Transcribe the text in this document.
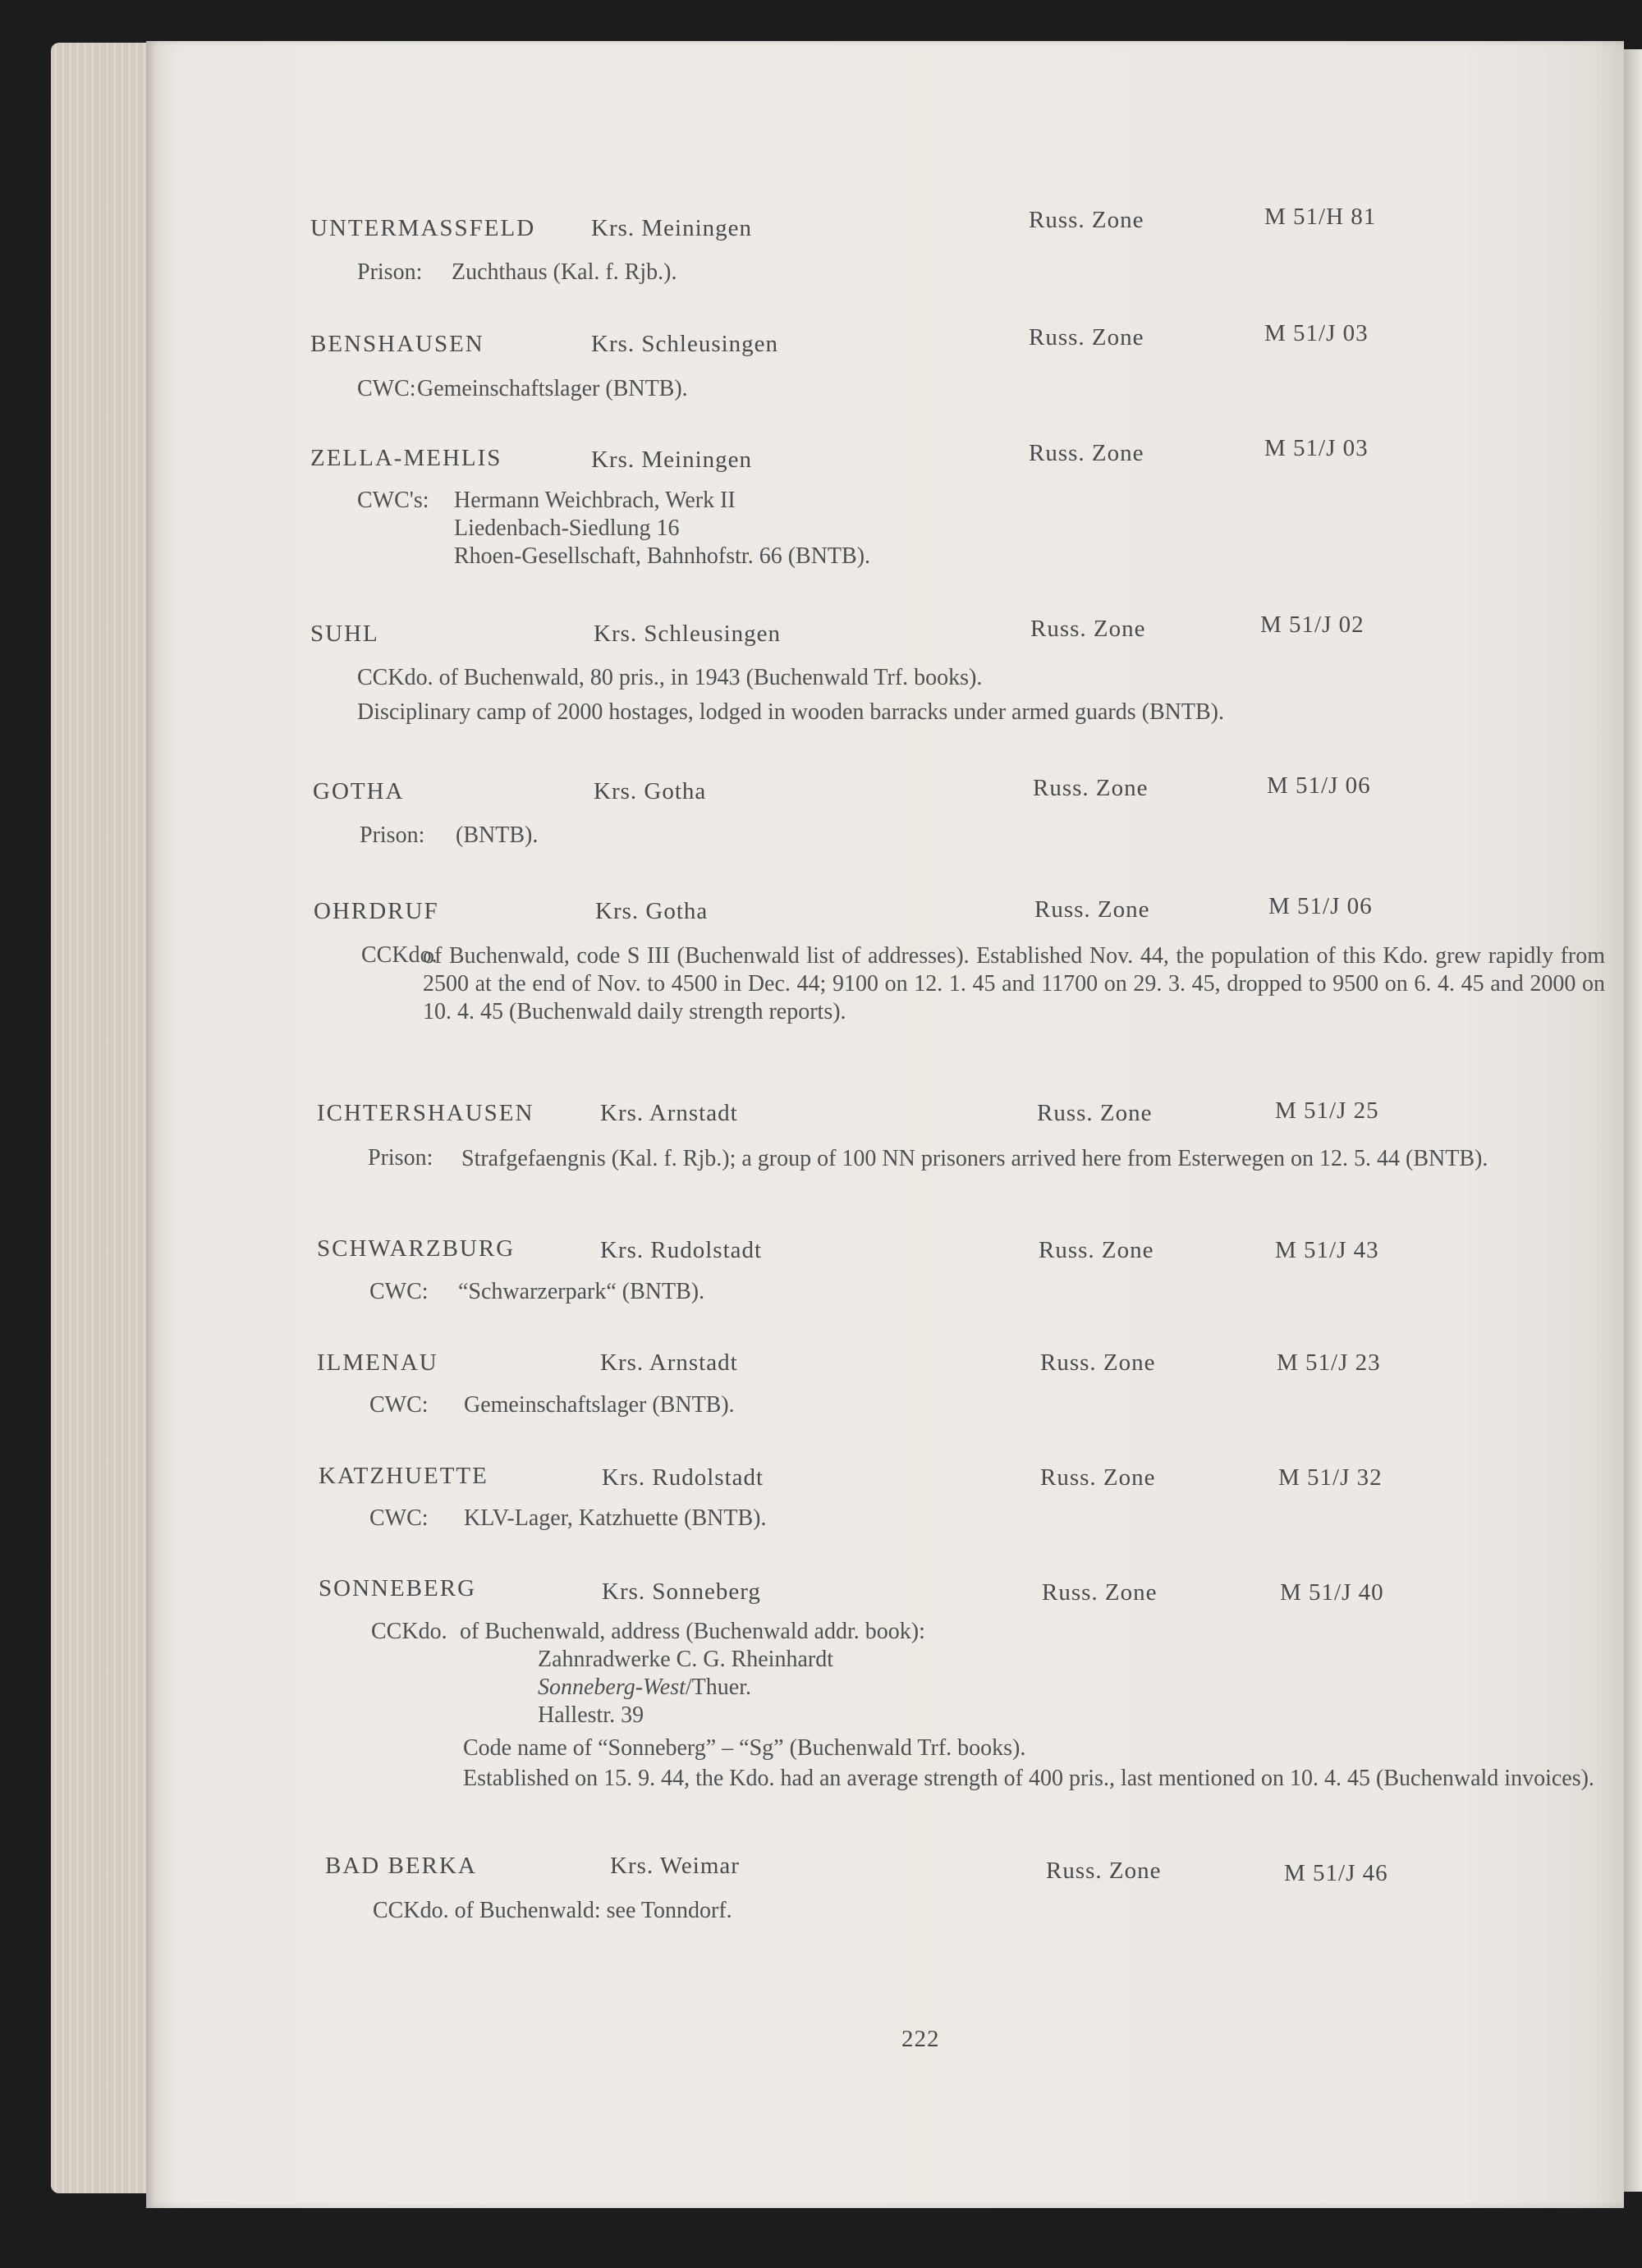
UNTERMASSFELD Krs. Meiningen	Russ. Zone	M 51/H 81
Prison: Zuchthaus (Kal. f. Rjb.).
BENSHAUSEN	Krs. Schleusingen	Russ. Zone	M 51/J 03
CWC: Gemeinschaftslager (BNTB).
ZELLA-MEHLIS	Krs. Meiningen	Russ. Zone	M 51/J 03
CWC's: Hermann Weichbrach, Werk II
Liedenbach-Siedlung 16
Rhoen-Gesellschaft, Bahnhofstr. 66 (BNTB).
SUHL	Krs. Schleusingen	Russ. Zone	M 51/J 02
CCKdo. of Buchenwald, 80 pris., in 1943 (Buchenwald Trf. books).
Disciplinary camp of 2000 hostages, lodged in wooden barracks under armed guards (BNTB).
GOTHA	Krs. Gotha	Russ. Zone	M 51/J 06
Prison: (BNTB).
OHRDRUF	Krs. Gotha	Russ. Zone	M 51/J 06
CCKdo.
of Buchenwald, code S III (Buchenwald list of addresses). Established Nov. 44, the population of this Kdo. grew rapidly from 2500 at the end of Nov. to 4500 in Dec. 44; 9100 on 12. 1. 45 and 11700 on 29. 3. 45, dropped to 9500 on 6. 4. 45 and 2000 on 10. 4. 45 (Buchenwald daily strength reports).
ICHTERSHAUSEN	Krs. Arnstadt	Russ. Zone	M 51/J 25
Prison: Strafgefaengnis (Kal. f. Rjb.); a group of 100 NN prisoners arrived here from Esterwegen on 12. 5. 44 (BNTB).
SCHWARZBURG	Krs. Rudolstadt	Russ. Zone	M 51/J 43
CWC: “Schwarzerpark“ (BNTB).
ILMENAU	Krs. Arnstadt	Russ. Zone	M 51/J 23
CWC: Gemeinschaftslager (BNTB).
KATZHUETTE	Krs. Rudolstadt	Russ. Zone	M 51/J 32
CWC: KLV-Lager, Katzhuette (BNTB).
SONNEBERG	Krs. Sonneberg	Russ. Zone	M 51/J 40
CCKdo. of Buchenwald, address (Buchenwald addr. book):
Zahnradwerke C. G. Rheinhardt
Sonneberg-West/Thuer.
Hallestr. 39
Code name of “Sonneberg” – “Sg” (Buchenwald Trf. books).
Established on 15. 9. 44, the Kdo. had an average strength of 400 pris., last mentioned on 10. 4. 45 (Buchenwald invoices).
BAD BERKA	Krs. Weimar	Russ. Zone	M 51/J 46
CCKdo. of Buchenwald: see Tonndorf.
222
